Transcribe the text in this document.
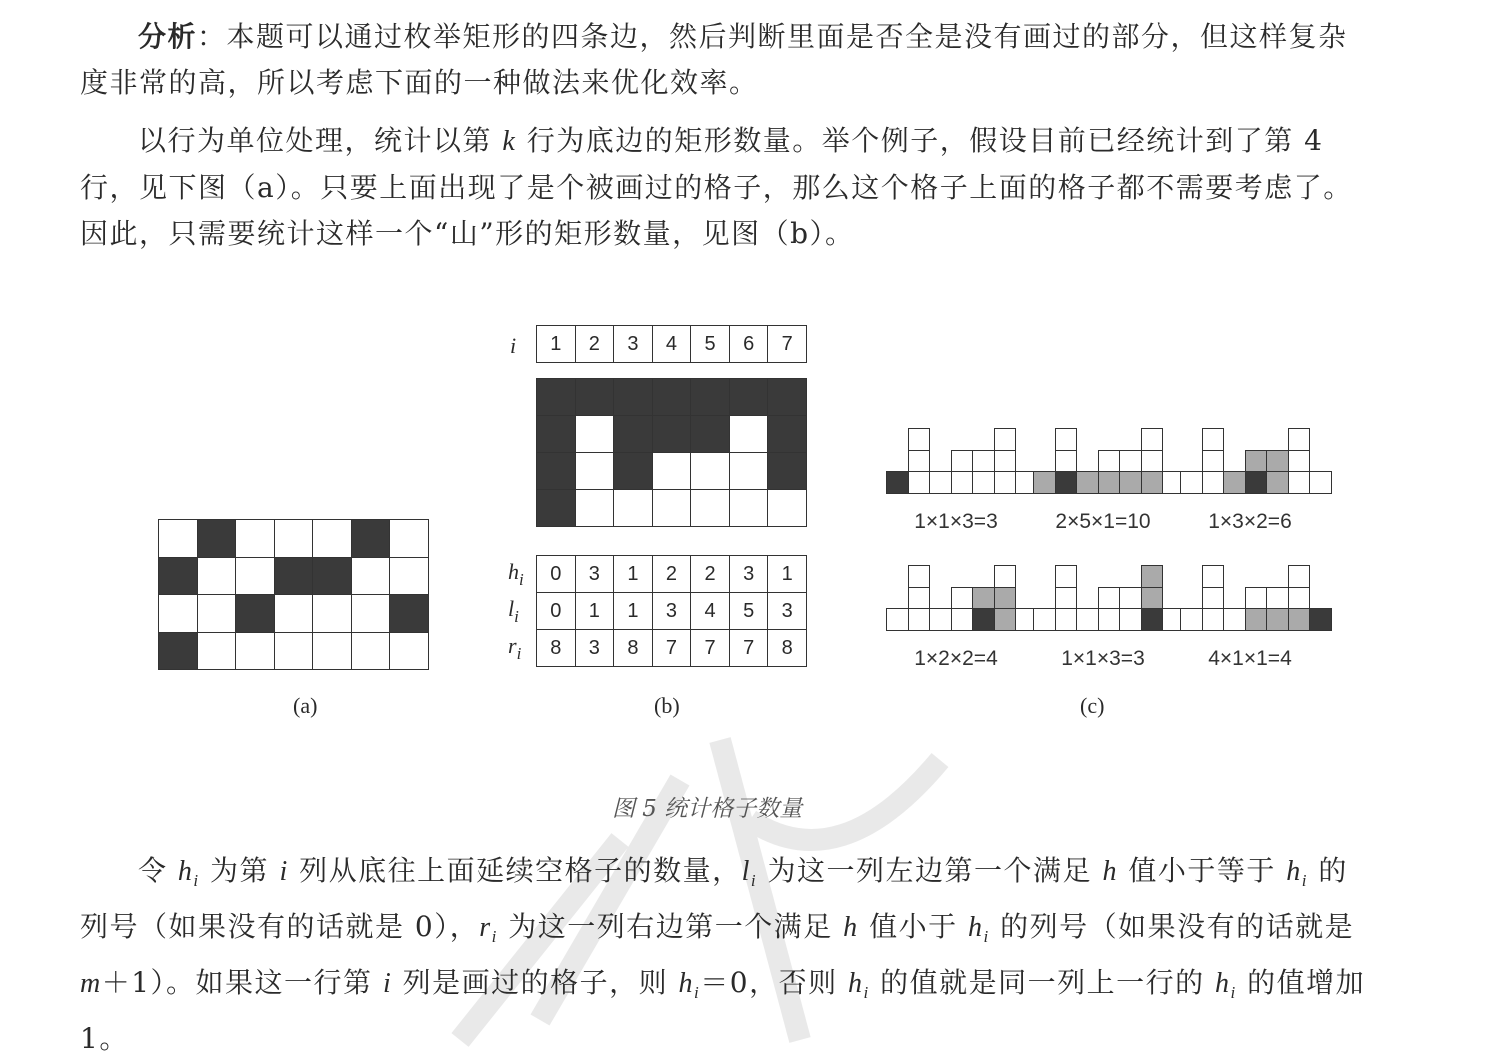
分析：本题可以通过枚举矩形的四条边，然后判断里面是否全是没有画过的部分，但这样复杂度非常的高，所以考虑下面的一种做法来优化效率。

以行为单位处理，统计以第 k 行为底边的矩形数量。举个例子，假设目前已经统计到了第 4 行，见下图（a）。只要上面出现了是个被画过的格子，那么这个格子上面的格子都不需要考虑了。因此，只需要统计这样一个“山”形的矩形数量，见图（b）。

(a)
i	1	2	3	4	5	6	7
$h_i$	0	3	1	2	2	3	1
$l_i$	0	1	1	3	4	5	3
$r_i$	8	3	8	7	7	7	8
(b)
1×1×3=3	2×5×1=10	1×3×2=6
1×2×2=4	1×1×3=3	4×1×1=4
(c)
图 5 统计格子数量

令 $h_i$ 为第 i 列从底往上面延续空格子的数量，$l_i$ 为这一列左边第一个满足 h 值小于等于 $h_i$ 的列号（如果没有的话就是 0），$r_i$ 为这一列右边第一个满足 h 值小于 $h_i$ 的列号（如果没有的话就是 m＋1）。如果这一行第 i 列是画过的格子，则 $h_i=0$，否则 $h_i$ 的值就是同一列上一行的 $h_i$ 的值增加 1。
